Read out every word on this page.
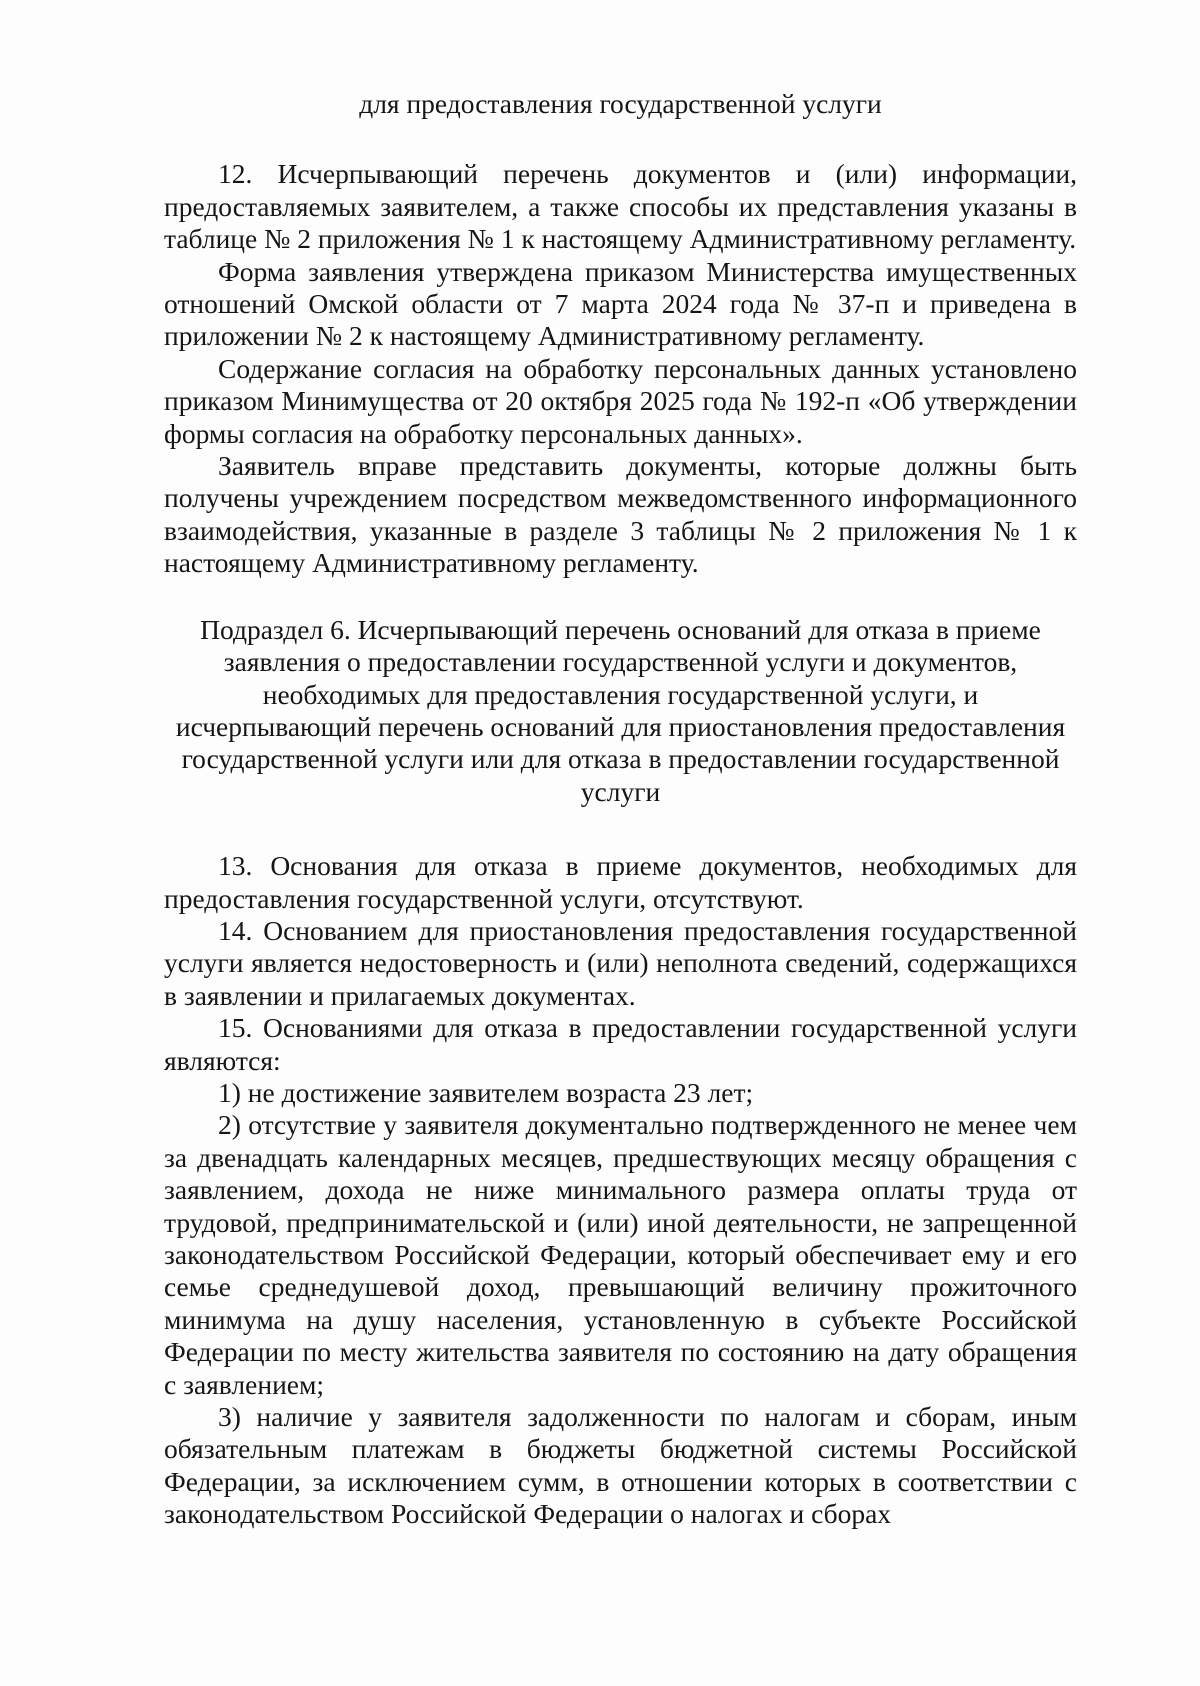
для предоставления государственной услуги

12. Исчерпывающий перечень документов и (или) информации, предоставляемых заявителем, а также способы их представления указаны в таблице № 2 приложения № 1 к настоящему Административному регламенту.

Форма заявления утверждена приказом Министерства имущественных отношений Омской области от 7 марта 2024 года № 37-п и приведена в приложении № 2 к настоящему Административному регламенту.

Содержание согласия на обработку персональных данных установлено приказом Минимущества от 20 октября 2025 года № 192-п «Об утверждении формы согласия на обработку персональных данных».

Заявитель вправе представить документы, которые должны быть получены учреждением посредством межведомственного информационного взаимодействия, указанные в разделе 3 таблицы № 2 приложения № 1 к настоящему Административному регламенту.

Подраздел 6. Исчерпывающий перечень оснований для отказа в приеме заявления о предоставлении государственной услуги и документов, необходимых для предоставления государственной услуги, и исчерпывающий перечень оснований для приостановления предоставления государственной услуги или для отказа в предоставлении государственной услуги

13. Основания для отказа в приеме документов, необходимых для предоставления государственной услуги, отсутствуют.

14. Основанием для приостановления предоставления государственной услуги является недостоверность и (или) неполнота сведений, содержащихся в заявлении и прилагаемых документах.

15. Основаниями для отказа в предоставлении государственной услуги являются:

1) не достижение заявителем возраста 23 лет;

2) отсутствие у заявителя документально подтвержденного не менее чем за двенадцать календарных месяцев, предшествующих месяцу обращения с заявлением, дохода не ниже минимального размера оплаты труда от трудовой, предпринимательской и (или) иной деятельности, не запрещенной законодательством Российской Федерации, который обеспечивает ему и его семье среднедушевой доход, превышающий величину прожиточного минимума на душу населения, установленную в субъекте Российской Федерации по месту жительства заявителя по состоянию на дату обращения с заявлением;

3) наличие у заявителя задолженности по налогам и сборам, иным обязательным платежам в бюджеты бюджетной системы Российской Федерации, за исключением сумм, в отношении которых в соответствии с законодательством Российской Федерации о налогах и сборах
